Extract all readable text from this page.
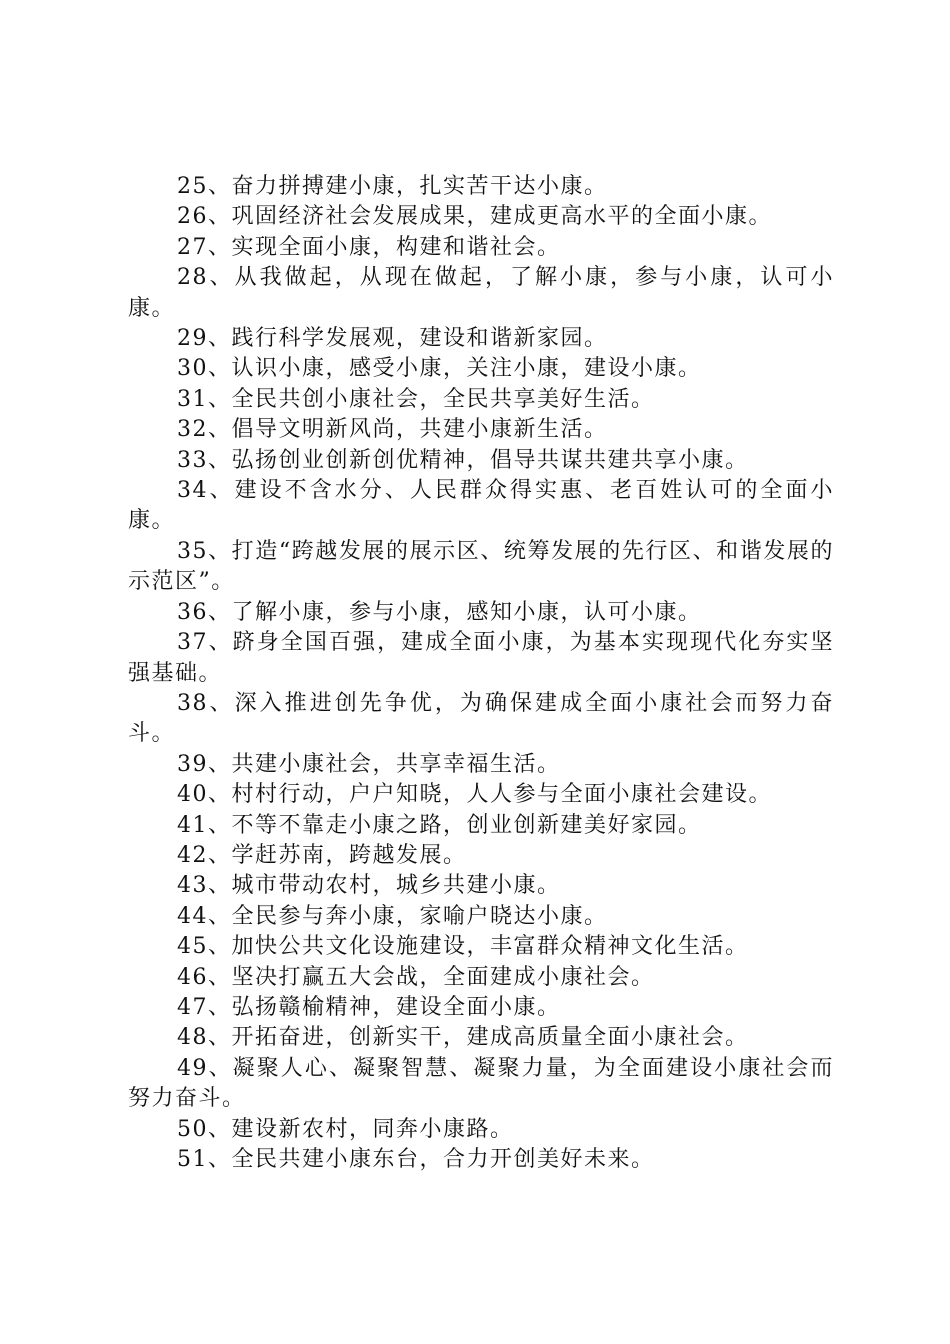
25、奋力拼搏建小康，扎实苦干达小康。

26、巩固经济社会发展成果，建成更高水平的全面小康。

27、实现全面小康，构建和谐社会。

28、从我做起，从现在做起，了解小康，参与小康，认可小康。

29、践行科学发展观，建设和谐新家园。

30、认识小康，感受小康，关注小康，建设小康。

31、全民共创小康社会，全民共享美好生活。

32、倡导文明新风尚，共建小康新生活。

33、弘扬创业创新创优精神，倡导共谋共建共享小康。

34、建设不含水分、人民群众得实惠、老百姓认可的全面小康。

35、打造“跨越发展的展示区、统筹发展的先行区、和谐发展的示范区”。

36、了解小康，参与小康，感知小康，认可小康。

37、跻身全国百强，建成全面小康，为基本实现现代化夯实坚强基础。

38、深入推进创先争优，为确保建成全面小康社会而努力奋斗。

39、共建小康社会，共享幸福生活。

40、村村行动，户户知晓，人人参与全面小康社会建设。

41、不等不靠走小康之路，创业创新建美好家园。

42、学赶苏南，跨越发展。

43、城市带动农村，城乡共建小康。

44、全民参与奔小康，家喻户晓达小康。

45、加快公共文化设施建设，丰富群众精神文化生活。

46、坚决打赢五大会战，全面建成小康社会。

47、弘扬赣榆精神，建设全面小康。

48、开拓奋进，创新实干，建成高质量全面小康社会。

49、凝聚人心、凝聚智慧、凝聚力量，为全面建设小康社会而努力奋斗。

50、建设新农村，同奔小康路。

51、全民共建小康东台，合力开创美好未来。
